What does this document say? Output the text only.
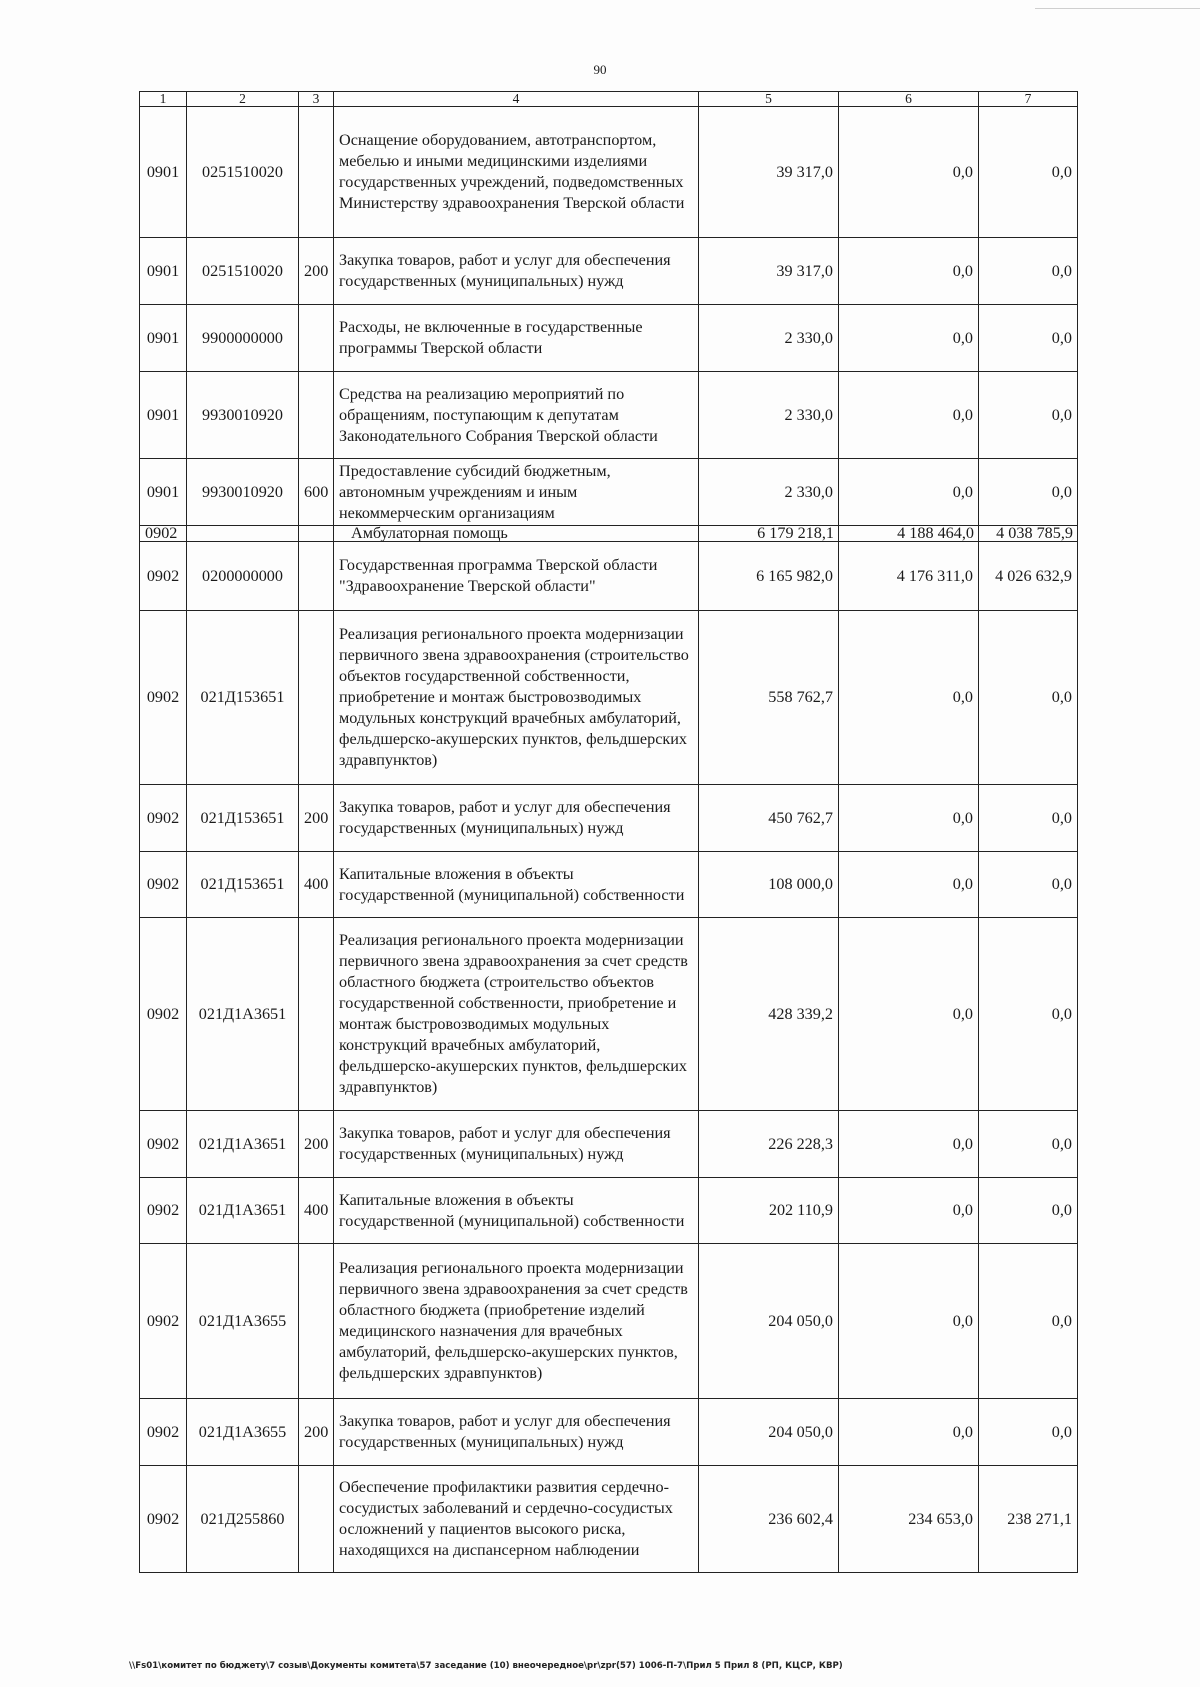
90
1	2	3	4	5	6	7
0901	0251510020		Оснащение оборудованием, автотранспортом, мебелью и иными медицинскими изделиями государственных учреждений, подведомственных Министерству здравоохранения Тверской области	39 317,0	0,0	0,0
0901	0251510020	200	Закупка товаров, работ и услуг для обеспечения государственных (муниципальных) нужд	39 317,0	0,0	0,0
0901	9900000000		Расходы, не включенные в государственные программы Тверской области	2 330,0	0,0	0,0
0901	9930010920		Средства на реализацию мероприятий по обращениям, поступающим к депутатам Законодательного Собрания Тверской области	2 330,0	0,0	0,0
0901	9930010920	600	Предоставление субсидий бюджетным, автономным учреждениям и иным некоммерческим организациям	2 330,0	0,0	0,0
0902			Амбулаторная помощь	6 179 218,1	4 188 464,0	4 038 785,9
0902	0200000000		Государственная программа Тверской области "Здравоохранение Тверской области"	6 165 982,0	4 176 311,0	4 026 632,9
0902	021Д153651		Реализация регионального проекта модернизации первичного звена здравоохранения (строительство объектов государственной собственности, приобретение и монтаж быстровозводимых модульных конструкций врачебных амбулаторий, фельдшерско-акушерских пунктов, фельдшерских здравпунктов)	558 762,7	0,0	0,0
0902	021Д153651	200	Закупка товаров, работ и услуг для обеспечения государственных (муниципальных) нужд	450 762,7	0,0	0,0
0902	021Д153651	400	Капитальные вложения в объекты государственной (муниципальной) собственности	108 000,0	0,0	0,0
0902	021Д1А3651		Реализация регионального проекта модернизации первичного звена здравоохранения за счет средств областного бюджета (строительство объектов государственной собственности, приобретение и монтаж быстровозводимых модульных конструкций врачебных амбулаторий, фельдшерско-акушерских пунктов, фельдшерских здравпунктов)	428 339,2	0,0	0,0
0902	021Д1А3651	200	Закупка товаров, работ и услуг для обеспечения государственных (муниципальных) нужд	226 228,3	0,0	0,0
0902	021Д1А3651	400	Капитальные вложения в объекты государственной (муниципальной) собственности	202 110,9	0,0	0,0
0902	021Д1А3655		Реализация регионального проекта модернизации первичного звена здравоохранения за счет средств областного бюджета (приобретение изделий медицинского назначения для врачебных амбулаторий, фельдшерско-акушерских пунктов, фельдшерских здравпунктов)	204 050,0	0,0	0,0
0902	021Д1А3655	200	Закупка товаров, работ и услуг для обеспечения государственных (муниципальных) нужд	204 050,0	0,0	0,0
0902	021Д255860		Обеспечение профилактики развития сердечно-сосудистых заболеваний и сердечно-сосудистых осложнений у пациентов высокого риска, находящихся на диспансерном наблюдении	236 602,4	234 653,0	238 271,1
\\Fs01\комитет по бюджету\7 созыв\Документы комитета\57 заседание (10) внеочередное\pr\zpr(57) 1006-П-7\Прил 5 Прил 8 (РП, КЦСР, КВР)
